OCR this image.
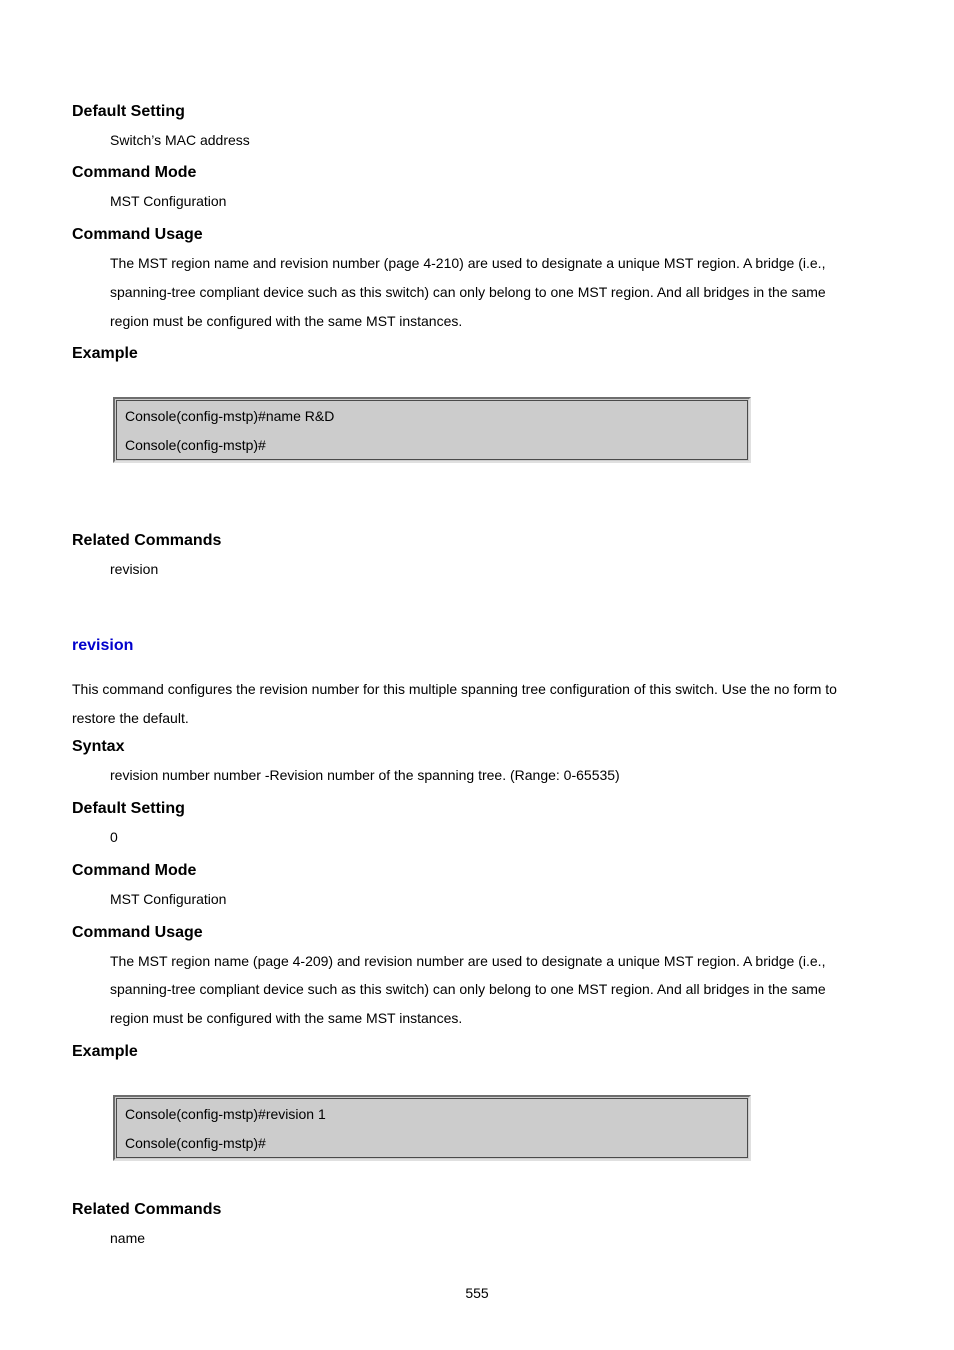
Default Setting
Switch’s MAC address
Command Mode
MST Configuration
Command Usage
The MST region name and revision number (page 4-210) are used to designate a unique MST region. A bridge (i.e.,
spanning-tree compliant device such as this switch) can only belong to one MST region. And all bridges in the same
region must be configured with the same MST instances.
Example
Console(config-mstp)#name R&D
Console(config-mstp)#
Related Commands
revision
revision
This command configures the revision number for this multiple spanning tree configuration of this switch. Use the no form to
restore the default.
Syntax
revision number number -Revision number of the spanning tree. (Range: 0-65535)
Default Setting
0
Command Mode
MST Configuration
Command Usage
The MST region name (page 4-209) and revision number are used to designate a unique MST region. A bridge (i.e.,
spanning-tree compliant device such as this switch) can only belong to one MST region. And all bridges in the same
region must be configured with the same MST instances.
Example
Console(config-mstp)#revision 1
Console(config-mstp)#
Related Commands
name
555
